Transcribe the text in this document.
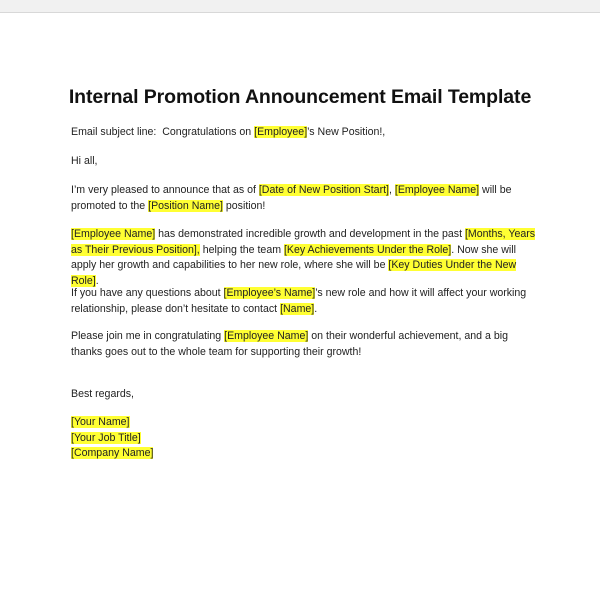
Internal Promotion Announcement Email Template

Email subject line:  Congratulations on [Employee]’s New Position!,

Hi all,

I’m very pleased to announce that as of [Date of New Position Start], [Employee Name] will be promoted to the [Position Name] position!

[Employee Name] has demonstrated incredible growth and development in the past [Months, Years as Their Previous Position], helping the team [Key Achievements Under the Role]. Now she will apply her growth and capabilities to her new role, where she will be [Key Duties Under the New Role].

If you have any questions about [Employee’s Name]’s new role and how it will affect your working relationship, please don’t hesitate to contact [Name].

Please join me in congratulating [Employee Name] on their wonderful achievement, and a big thanks goes out to the whole team for supporting their growth!

Best regards,

[Your Name]
[Your Job Title]
[Company Name]
